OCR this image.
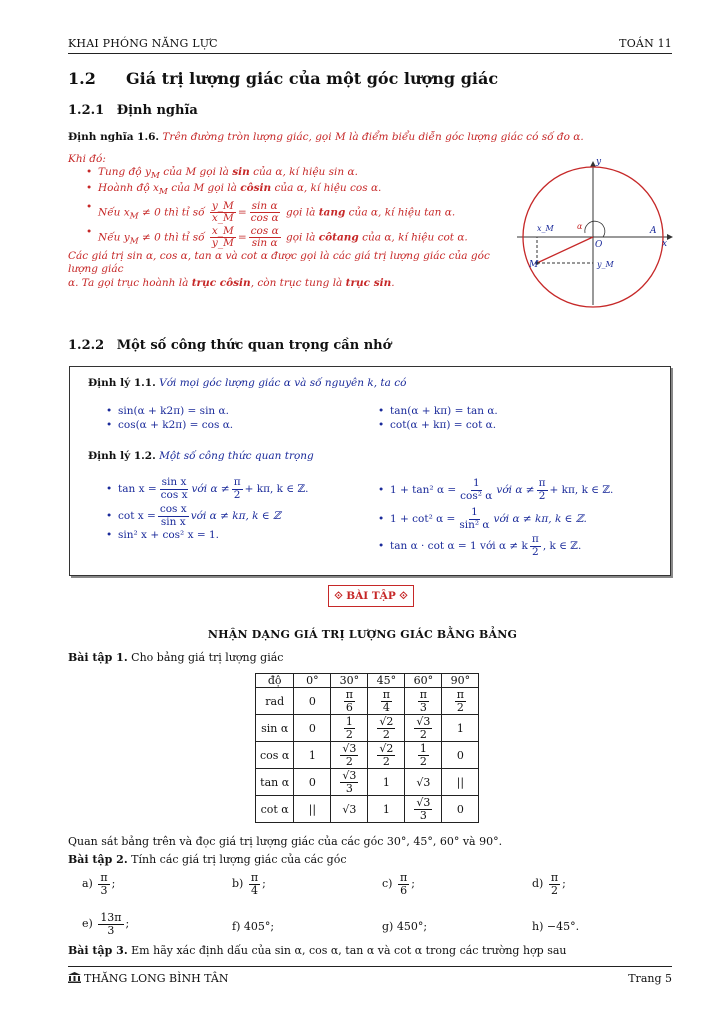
KHAI PHÓNG NĂNG LỰC	TOÁN 11
1.2 Giá trị lượng giác của một góc lượng giác
1.2.1 Định nghĩa
Định nghĩa 1.6. Trên đường tròn lượng giác, gọi M là điểm biểu diễn góc lượng giác có số đo α.
Khi đó:
• Tung độ $y_M$ của M gọi là sin của α, kí hiệu sin α.
• Hoành độ $x_M$ của M gọi là côsin của α, kí hiệu cos α.
• Nếu $x_M \ne 0$ thì tỉ số $\frac{y\_M}{x\_M} = \frac{\text{sin α}}{\text{cos α}}$ gọi là tang của α, kí hiệu tan α.
• Nếu $y_M \ne 0$ thì tỉ số $\frac{x\_M}{y\_M} = \frac{\text{cos α}}{\text{sin α}}$ gọi là côtang của α, kí hiệu cot α.
Các giá trị sin α, cos α, tan α và cot α được gọi là các giá trị lượng giác của góc lượng giác
α. Ta gọi trục hoành là trục côsin, còn trục tung là trục sin.
y
x
O
A
M
x_M
y_M
α
1.2.2 Một số công thức quan trọng cần nhớ
Định lý 1.1. Với mọi góc lượng giác α và số nguyên k, ta có
• sin(α + k2π) = sin α.
• cos(α + k2π) = cos α.
• tan(α + kπ) = tan α.
• cot(α + kπ) = cot α.
Định lý 1.2. Một số công thức quan trọng
• $\tan x = \frac{\text{sin x}}{\text{cos x}}$ với $\alpha \ne \frac{\pi}{2} + k\pi$, k ∈ ℤ.
• $\cot x = \frac{\text{cos x}}{\text{sin x}}$ với α ≠ kπ, k ∈ ℤ
• sin² x + cos² x = 1.
• 1 + tan² $\alpha = \frac{1}{\text{cos² α}}$ với $\alpha \ne \frac{\pi}{2} + k\pi$, k ∈ ℤ.
• 1 + cot² $\alpha = \frac{1}{\text{sin² α}}$ với α ≠ kπ, k ∈ ℤ.
• tan α · cot α = 1 với α ≠ k $\frac{\pi}{2}$ , k ∈ ℤ.
⟐ BÀI TẬP ⟐
NHẬN DẠNG GIÁ TRỊ LƯỢNG GIÁC BẰNG BẢNG
Bài tập 1. Cho bảng giá trị lượng giác
độ	0°	30°	45°	60°	90°
rad	0	$\frac{\pi}{6}$	$\frac{\pi}{4}$	$\frac{\pi}{3}$	$\frac{\pi}{2}$

sin α	0	$\frac{1}{2}$	$\frac{√2}{2}$	$\frac{√3}{2}$	1
cos α	1	$\frac{√3}{2}$	$\frac{√2}{2}$	$\frac{1}{2}$	0
tan α	0	$\frac{√3}{3}$	1	√3	||
cot α	||	√3	1	$\frac{√3}{3}$	0
Quan sát bảng trên và đọc giá trị lượng giác của các góc 30°, 45°, 60° và 90°.
Bài tập 2. Tính các giá trị lượng giác của các góc
$a) \frac{\pi}{3}$ ;	$b) \frac{\pi}{4}$ ;	$c) \frac{\pi}{6}$ ;	$d) \frac{\pi}{2}$ ;
$e) \frac{13\pi}{3}$ ;	f) 405°;	g) 450°;	h) −45°.
Bài tập 3. Em hãy xác định dấu của sin α, cos α, tan α và cot α trong các trường hợp sau
THĂNG LONG BÌNH TÂN	Trang 5
